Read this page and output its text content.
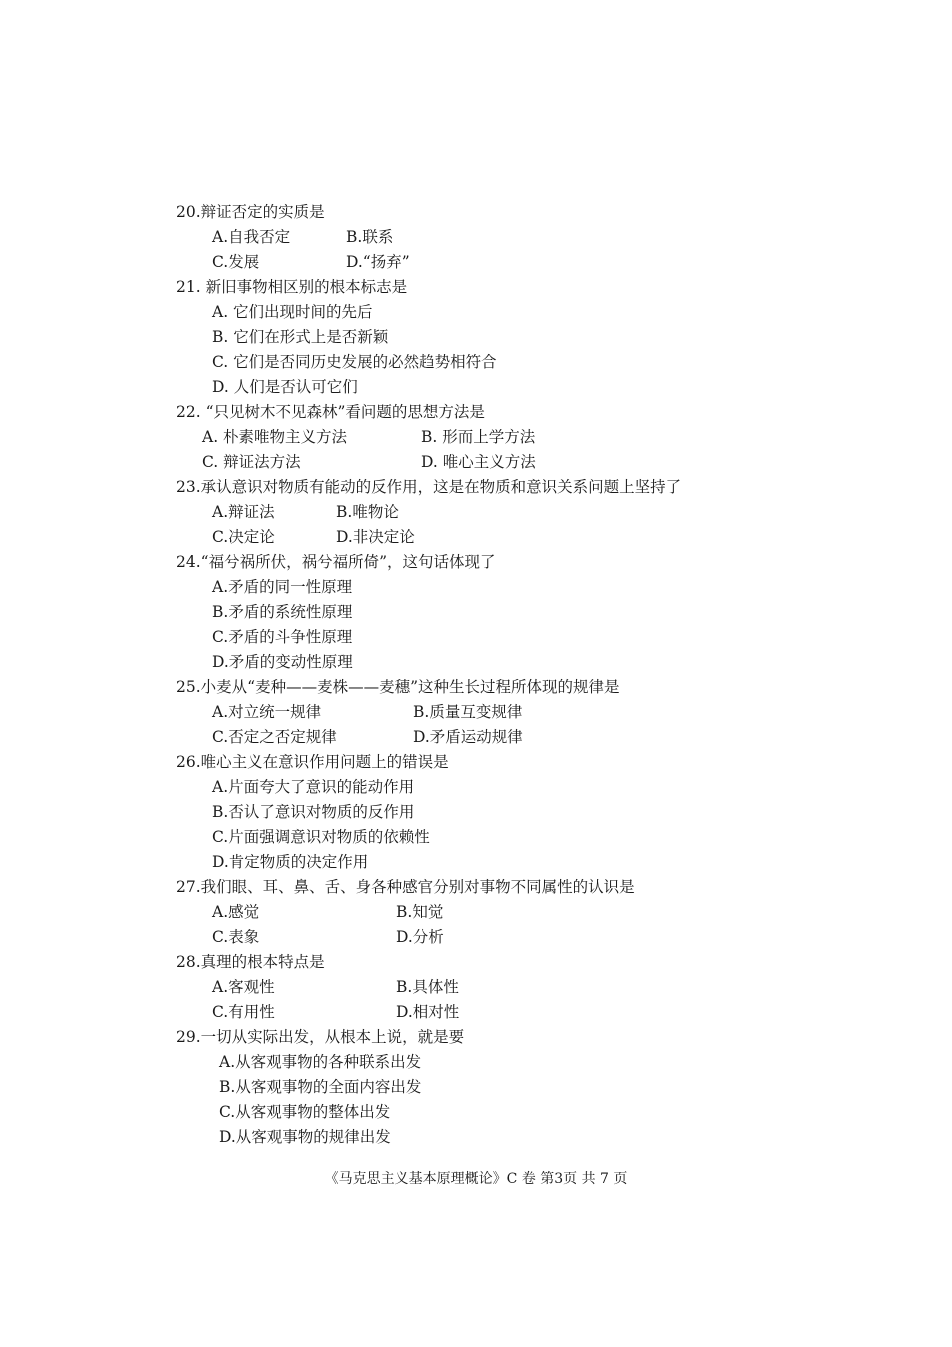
20.辩证否定的实质是
A.自我否定	B.联系
C.发展	D.“扬弃”
21. 新旧事物相区别的根本标志是
A. 它们出现时间的先后
B. 它们在形式上是否新颖
C. 它们是否同历史发展的必然趋势相符合
D. 人们是否认可它们
22. “只见树木不见森林”看问题的思想方法是
A. 朴素唯物主义方法	B. 形而上学方法
C. 辩证法方法	D. 唯心主义方法
23.承认意识对物质有能动的反作用，这是在物质和意识关系问题上坚持了
A.辩证法	B.唯物论
C.决定论	D.非决定论
24.“福兮祸所伏，祸兮福所倚”，这句话体现了
A.矛盾的同一性原理
B.矛盾的系统性原理
C.矛盾的斗争性原理
D.矛盾的变动性原理
25.小麦从“麦种——麦株——麦穗”这种生长过程所体现的规律是
A.对立统一规律	B.质量互变规律
C.否定之否定规律	D.矛盾运动规律
26.唯心主义在意识作用问题上的错误是
A.片面夸大了意识的能动作用
B.否认了意识对物质的反作用
C.片面强调意识对物质的依赖性
D.肯定物质的决定作用
27.我们眼、耳、鼻、舌、身各种感官分别对事物不同属性的认识是
A.感觉	B.知觉
C.表象	D.分析
28.真理的根本特点是
A.客观性	B.具体性
C.有用性	D.相对性
29.一切从实际出发，从根本上说，就是要
A.从客观事物的各种联系出发
B.从客观事物的全面内容出发
C.从客观事物的整体出发
D.从客观事物的规律出发
《马克思主义基本原理概论》C 卷 第3页 共 7 页
